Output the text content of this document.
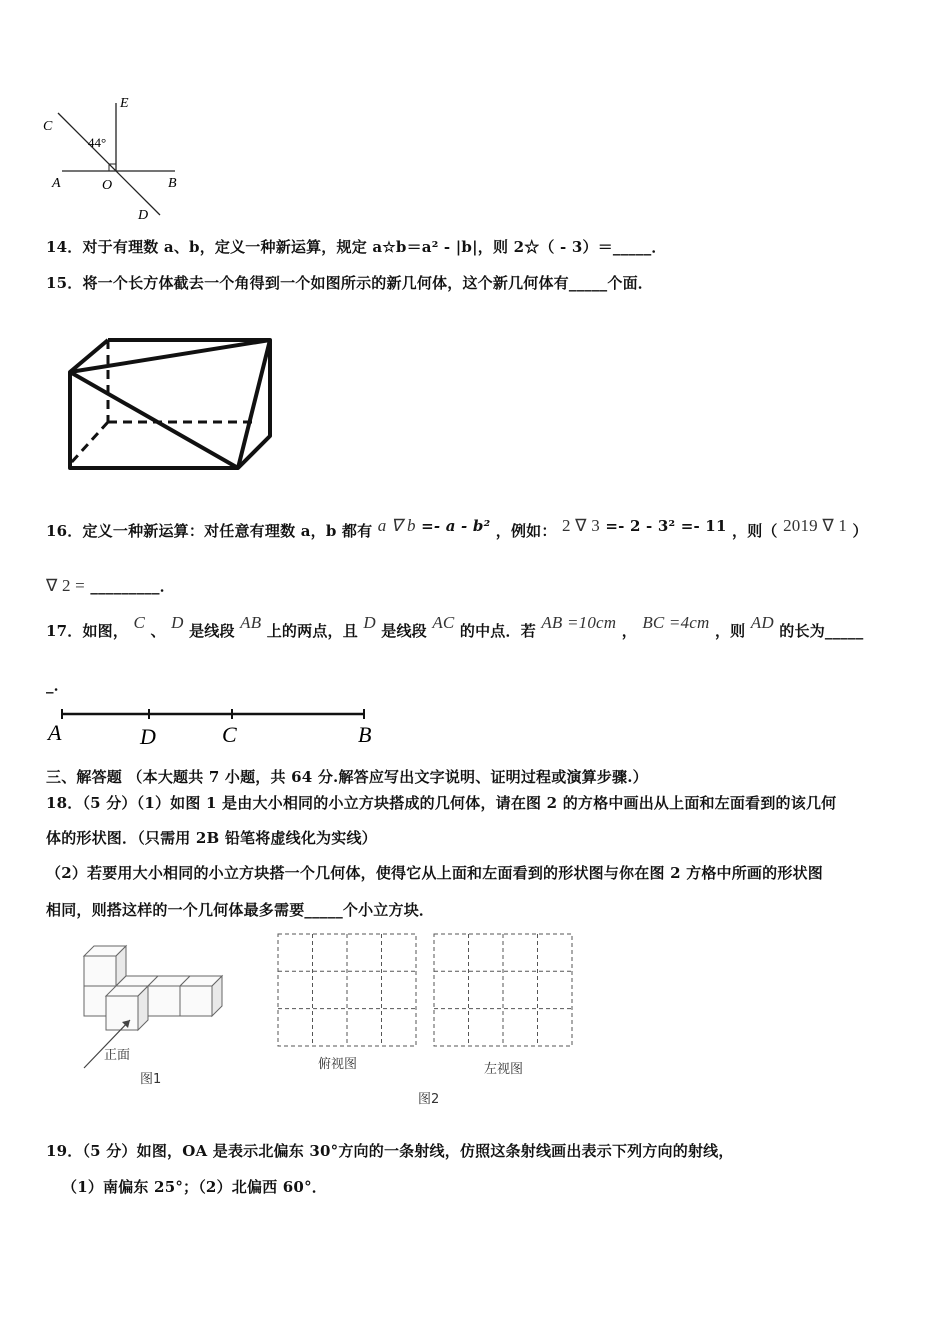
E
C
44°
A	O	B
D
14．对于有理数 a、b，定义一种新运算，规定 a☆b＝a² - |b|，则 2☆（ - 3）＝_____．
15．将一个长方体截去一个角得到一个如图所示的新几何体，这个新几何体有_____个面．
16．定义一种新运算：对任意有理数 a，b 都有 a ∇ b =- a - b² ，例如： 2 ∇ 3 =- 2 - 3² =- 11 ，则（ 2019 ∇ 1 ）
∇ 2 = _________．
17．如图， C 、 D 是线段 AB 上的两点，且 D 是线段 AC 的中点．若 AB =10cm ， BC =4cm ，则 AD 的长为_____
_．
A	D	C	B
三、解答题 （本大题共 7 小题，共 64 分.解答应写出文字说明、证明过程或演算步骤.）
18．（5 分）（1）如图 1 是由大小相同的小立方块搭成的几何体，请在图 2 的方格中画出从上面和左面看到的该几何
体的形状图．（只需用 2B 铅笔将虚线化为实线）
（2）若要用大小相同的小立方块搭一个几何体，使得它从上面和左面看到的形状图与你在图 2 方格中所画的形状图
相同，则搭这样的一个几何体最多需要_____个小立方块．
正面
图1
俯视图	左视图
图2
19．（5 分）如图，OA 是表示北偏东 30°方向的一条射线，仿照这条射线画出表示下列方向的射线，
（1）南偏东 25°；（2）北偏西 60°．
